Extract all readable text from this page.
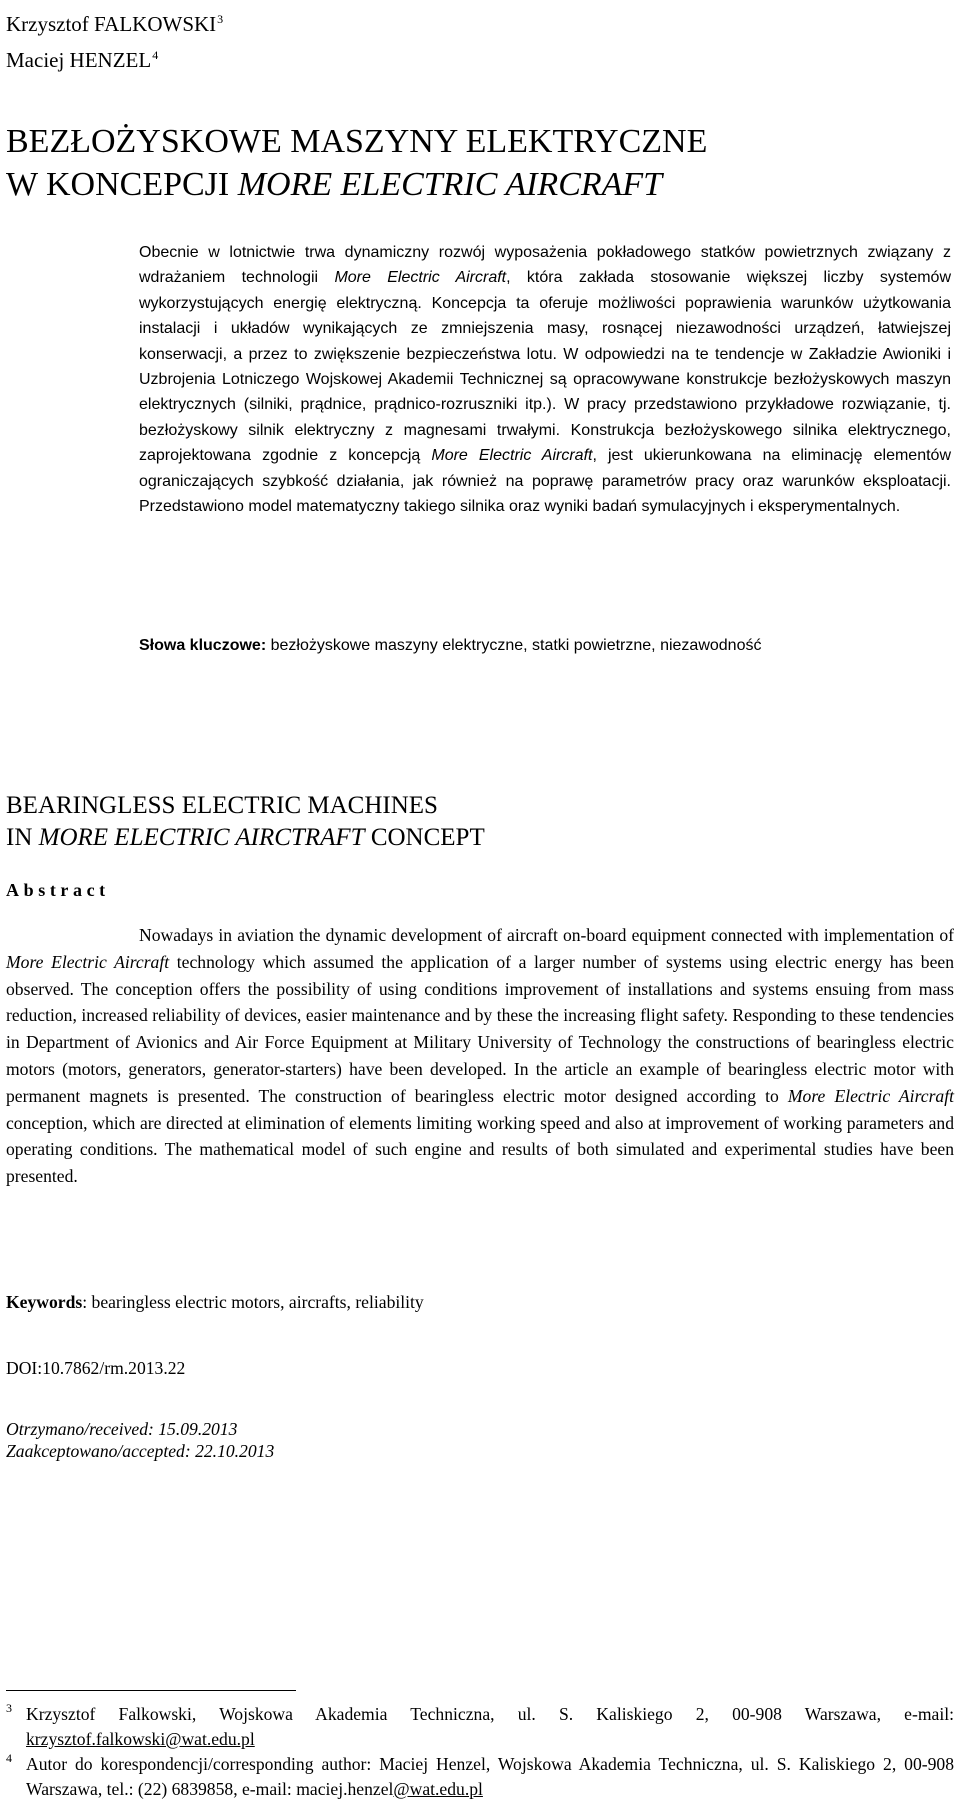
Krzysztof FALKOWSKI$^3$
Maciej HENZEL$^4$
BEZŁOŻYSKOWE MASZYNY ELEKTRYCZNE
W KONCEPCJI MORE ELECTRIC AIRCRAFT

Obecnie w lotnictwie trwa dynamiczny rozwój wyposażenia pokładowego statków powietrznych związany z wdrażaniem technologii More Electric Aircraft, która zakłada stosowanie większej liczby systemów wykorzystujących energię elektryczną. Koncepcja ta oferuje możliwości poprawienia warunków użytkowania instalacji i układów wynikających ze zmniejszenia masy, rosnącej niezawodności urządzeń, łatwiejszej konserwacji, a przez to zwiększenie bezpieczeństwa lotu. W odpowiedzi na te tendencje w Zakładzie Awioniki i Uzbrojenia Lotniczego Wojskowej Akademii Technicznej są opracowywane konstrukcje bezłożyskowych maszyn elektrycznych (silniki, prądnice, prądnico-rozruszniki itp.). W pracy przedstawiono przykładowe rozwiązanie, tj. bezłożyskowy silnik elektryczny z magnesami trwałymi. Konstrukcja bezłożyskowego silnika elektrycznego, zaprojektowana zgodnie z koncepcją More Electric Aircraft, jest ukierunkowana na eliminację elementów ograniczających szybkość działania, jak również na poprawę parametrów pracy oraz warunków eksploatacji. Przedstawiono model matematyczny takiego silnika oraz wyniki badań symulacyjnych i eksperymentalnych.

Słowa kluczowe: bezłożyskowe maszyny elektryczne, statki powietrzne, niezawodność

BEARINGLESS ELECTRIC MACHINES
IN MORE ELECTRIC AIRCTRAFT CONCEPT
Abstract

Nowadays in aviation the dynamic development of aircraft on-board equipment connected with implementation of More Electric Aircraft technology which assumed the application of a larger number of systems using electric energy has been observed. The conception offers the possibility of using conditions improvement of installations and systems ensuing from mass reduction, increased reliability of devices, easier maintenance and by these the increasing flight safety. Responding to these tendencies in Department of Avionics and Air Force Equipment at Military University of Technology the constructions of bearingless electric motors (motors, generators, generator-starters) have been developed. In the article an example of bearingless electric motor with permanent magnets is presented. The construction of bearingless electric motor designed according to More Electric Aircraft conception, which are directed at elimination of elements limiting working speed and also at improvement of working parameters and operating conditions. The mathematical model of such engine and results of both simulated and experimental studies have been presented.

Keywords: bearingless electric motors, aircrafts, reliability
DOI:10.7862/rm.2013.22
Otrzymano/received: 15.09.2013
Zaakceptowano/accepted: 22.10.2013
3 Krzysztof Falkowski, Wojskowa Akademia Techniczna, ul. S. Kaliskiego 2, 00-908 Warszawa, e-mail: krzysztof.falkowski@wat.edu.pl
4 Autor do korespondencji/corresponding author: Maciej Henzel, Wojskowa Akademia Techniczna, ul. S. Kaliskiego 2, 00-908 Warszawa, tel.: (22) 6839858, e-mail: maciej.henzel@wat.edu.pl
